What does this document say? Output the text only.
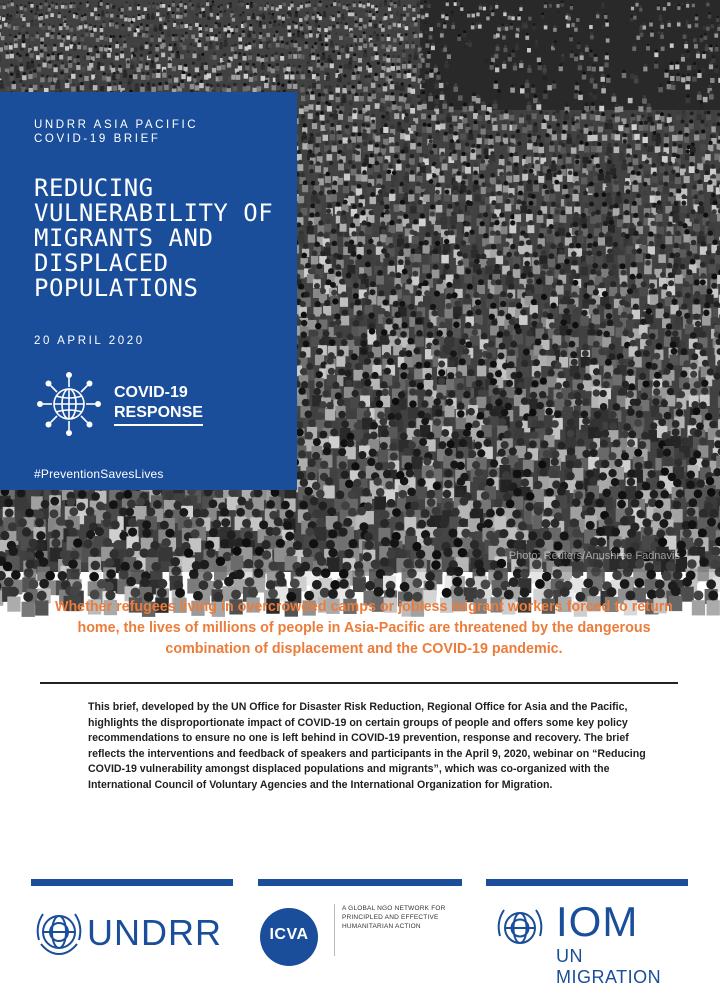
Photo: Reuters/Anushree Fadnavis
UNDRR ASIA PACIFIC
COVID-19 BRIEF
REDUCING
VULNERABILITY OF
MIGRANTS AND
DISPLACED
POPULATIONS
20 APRIL 2020
COVID-19
RESPONSE
#PreventionSavesLives
Whether refugees living in overcrowded camps or jobless migrant workers forced to return home, the lives of millions of people in Asia-Pacific are threatened by the dangerous combination of displacement and the COVID-19 pandemic.
This brief, developed by the UN Office for Disaster Risk Reduction, Regional Office for Asia and the Pacific, highlights the disproportionate impact of COVID-19 on certain groups of people and offers some key policy recommendations to ensure no one is left behind in COVID-19 prevention, response and recovery. The brief reflects the interventions and feedback of speakers and participants in the April 9, 2020, webinar on “Reducing COVID-19 vulnerability amongst displaced populations and migrants”, which was co-organized with the International Council of Voluntary Agencies and the International Organization for Migration.
UNDRR	ICVA
A GLOBAL NGO NETWORK FOR PRINCIPLED AND EFFECTIVE HUMANITARIAN ACTION	IOM
UN MIGRATION
